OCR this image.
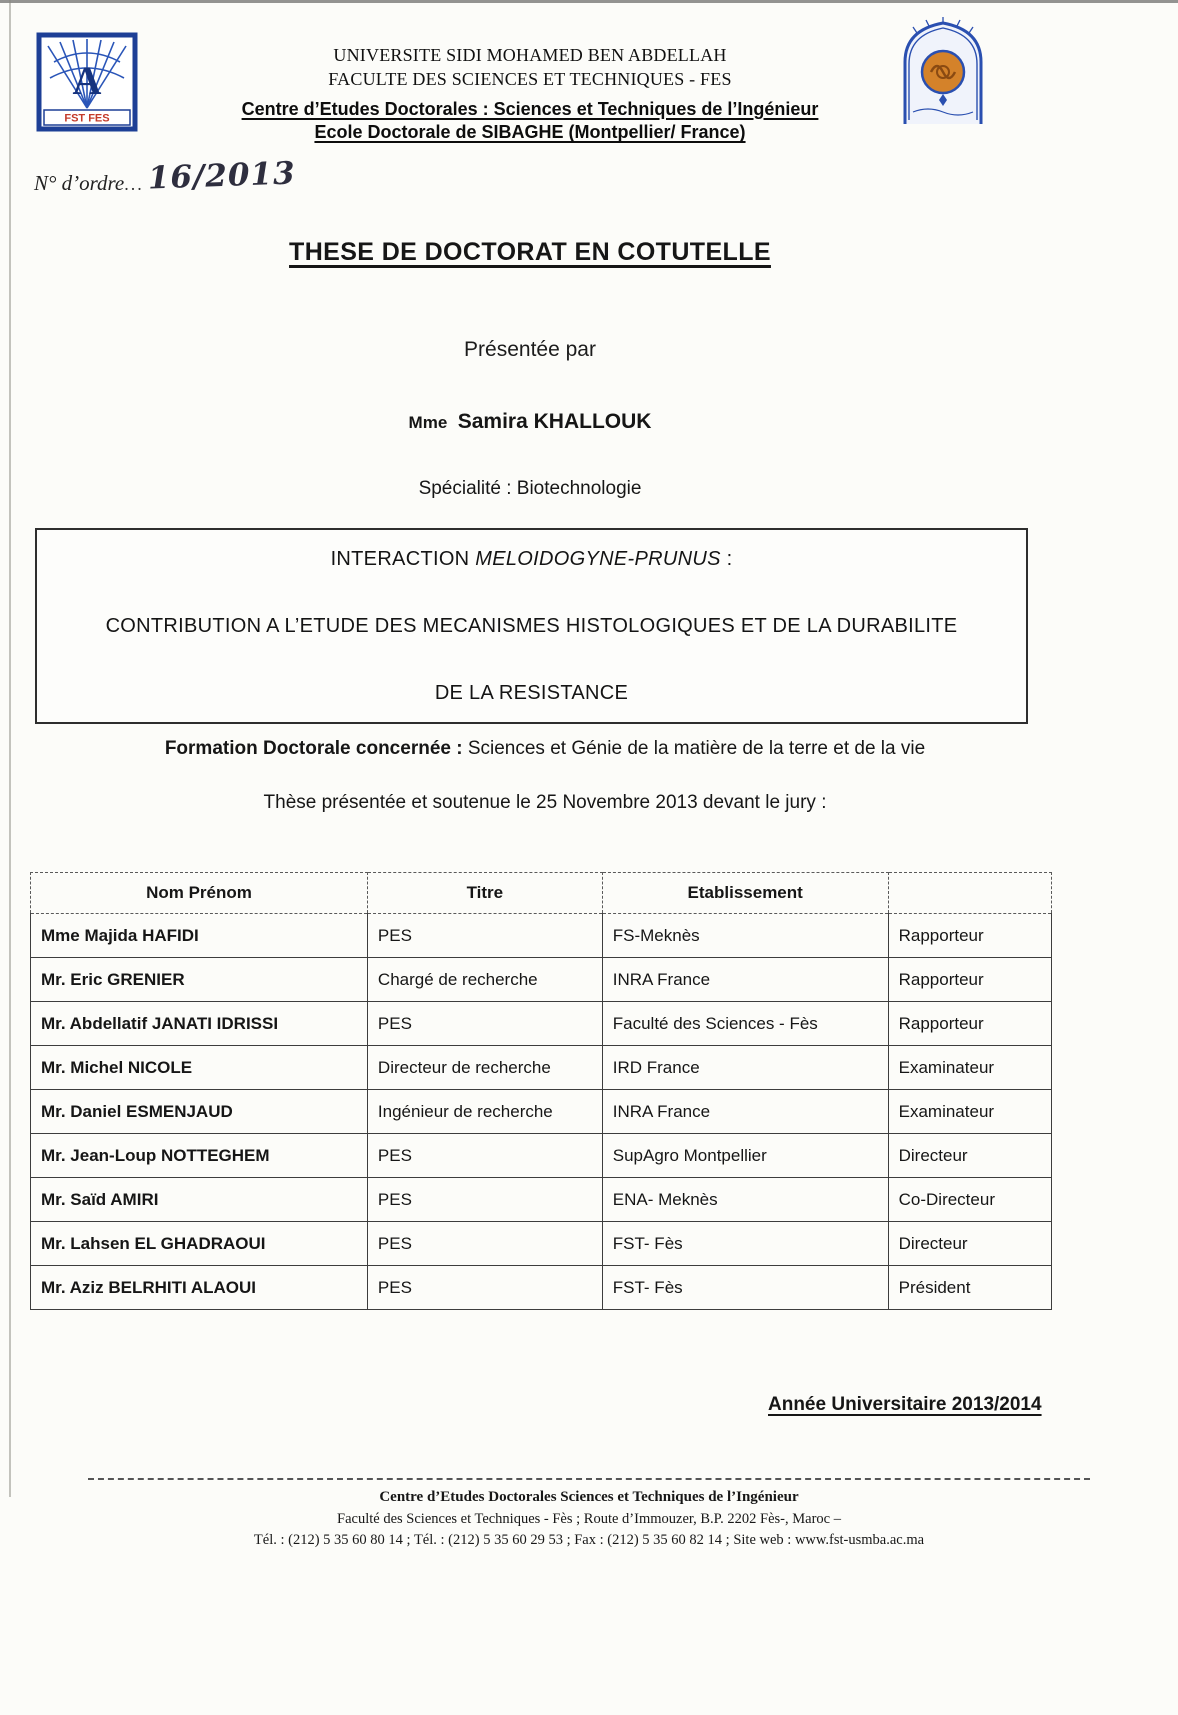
A
FST FES
UNIVERSITE SIDI MOHAMED BEN ABDELLAH
FACULTE DES SCIENCES ET TECHNIQUES - FES
Centre d’Etudes Doctorales : Sciences et Techniques de l’Ingénieur
Ecole Doctorale de SIBAGHE (Montpellier/ France)
N° d’ordre... 16/2013
THESE DE DOCTORAT EN COTUTELLE
Présentée par
Mme Samira KHALLOUK
Spécialité : Biotechnologie
INTERACTION MELOIDOGYNE-PRUNUS :
CONTRIBUTION A L’ETUDE DES MECANISMES HISTOLOGIQUES ET DE LA DURABILITE
DE LA RESISTANCE
Formation Doctorale concernée : Sciences et Génie de la matière de la terre et de la vie
Thèse présentée et soutenue le 25 Novembre 2013 devant le jury :
Nom Prénom	Titre	Etablissement	
Mme Majida HAFIDI	PES	FS-Meknès	Rapporteur
Mr. Eric GRENIER	Chargé de recherche	INRA France	Rapporteur
Mr. Abdellatif JANATI IDRISSI	PES	Faculté des Sciences - Fès	Rapporteur
Mr. Michel NICOLE	Directeur de recherche	IRD France	Examinateur
Mr. Daniel ESMENJAUD	Ingénieur de recherche	INRA France	Examinateur
Mr. Jean-Loup NOTTEGHEM	PES	SupAgro Montpellier	Directeur
Mr. Saïd AMIRI	PES	ENA- Meknès	Co-Directeur
Mr. Lahsen EL GHADRAOUI	PES	FST- Fès	Directeur
Mr. Aziz BELRHITI ALAOUI	PES	FST- Fès	Président
Année Universitaire 2013/2014
Centre d’Etudes Doctorales Sciences et Techniques de l’Ingénieur
Faculté des Sciences et Techniques - Fès ; Route d’Immouzer, B.P. 2202 Fès-, Maroc –
Tél. : (212) 5 35 60 80 14 ; Tél. : (212) 5 35 60 29 53 ; Fax : (212) 5 35 60 82 14 ; Site web : www.fst-usmba.ac.ma
